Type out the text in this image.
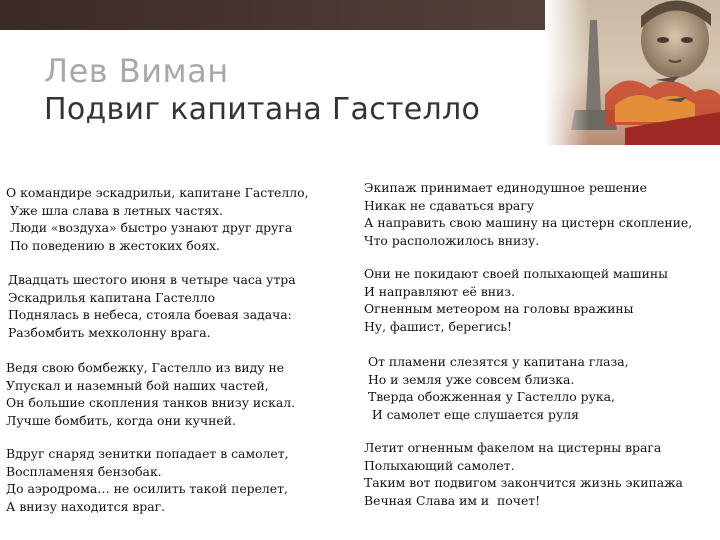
Лев Виман
Подвиг капитана Гастелло

О командире эскадрильи, капитане Гастелло,
Уже шла слава в летных частях.
Люди «воздуха» быстро узнают друг друга
По поведению в жестоких боях.

Двадцать шестого июня в четыре часа утра
Эскадрилья капитана Гастелло
Поднялась в небеса, стояла боевая задача:
Разбомбить мехколонну врага.

Ведя свою бомбежку, Гастелло из виду не
Упускал и наземный бой наших частей,
Он большие скопления танков внизу искал.
Лучше бомбить, когда они кучней.

Вдруг снаряд зенитки попадает в самолет,
Воспламеняя бензобак.
До аэродрома… не осилить такой перелет,
А внизу находится враг.

Экипаж принимает единодушное решение
Никак не сдаваться врагу
А направить свою машину на цистерн скопление,
Что расположилось внизу.

Они не покидают своей полыхающей машины
И направляют её вниз.
Огненным метеором на головы вражины
Ну, фашист, берегись!

От пламени слезятся у капитана глаза,
Но и земля уже совсем близка.
Тверда обожженная у Гастелло рука,
И самолет еще слушается руля

Летит огненным факелом на цистерны врага
Полыхающий самолет.
Таким вот подвигом закончится жизнь экипажа
Вечная Слава им и  почет!
